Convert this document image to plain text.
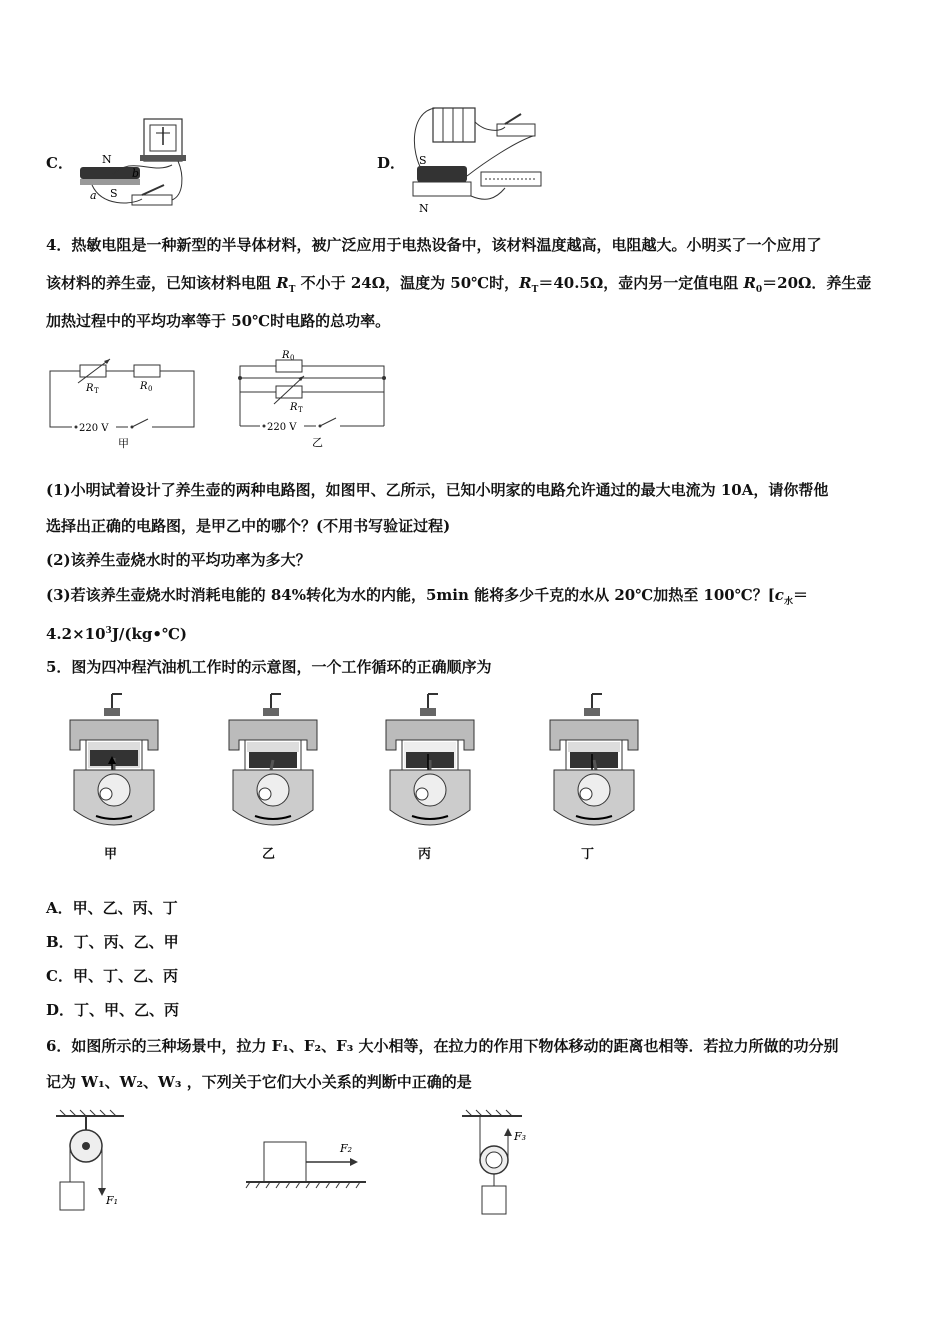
C．	N
S
a
b
D． S
N
4．热敏电阻是一种新型的半导体材料，被广泛应用于电热设备中，该材料温度越高，电阻越大。小明买了一个应用了
该材料的养生壶，已知该材料电阻 $R_T$ 不小于 24Ω，温度为 50℃时，$R_T=40.5\Omega$，壶内另一定值电阻 $R_0=20\Omega$．养生壶
加热过程中的平均功率等于 50℃时电路的总功率。
R T	R 0
220 V
甲
R 0
R T
220 V
乙
(1)小明试着设计了养生壶的两种电路图，如图甲、乙所示，已知小明家的电路允许通过的最大电流为 10A，请你帮他
选择出正确的电路图，是甲乙中的哪个？(不用书写验证过程)
(2)该养生壶烧水时的平均功率为多大？
(3)若该养生壶烧水时消耗电能的 84%转化为水的内能，5min 能将多少千克的水从 20℃加热至 100℃？[$c_水=$
$4.2\times 10^3J/(kg•℃)$
5．图为四冲程汽油机工作时的示意图，一个工作循环的正确顺序为
甲	乙	丙	丁
A．甲、乙、丙、丁
B．丁、丙、乙、甲
C．甲、丁、乙、丙
D．丁、甲、乙、丙
6．如图所示的三种场景中，拉力 F₁、F₂、F₃ 大小相等，在拉力的作用下物体移动的距离也相等．若拉力所做的功分别
记为 W₁、W₂、W₃ ，下列关于它们大小关系的判断中正确的是
F₁
F₂
F₃
